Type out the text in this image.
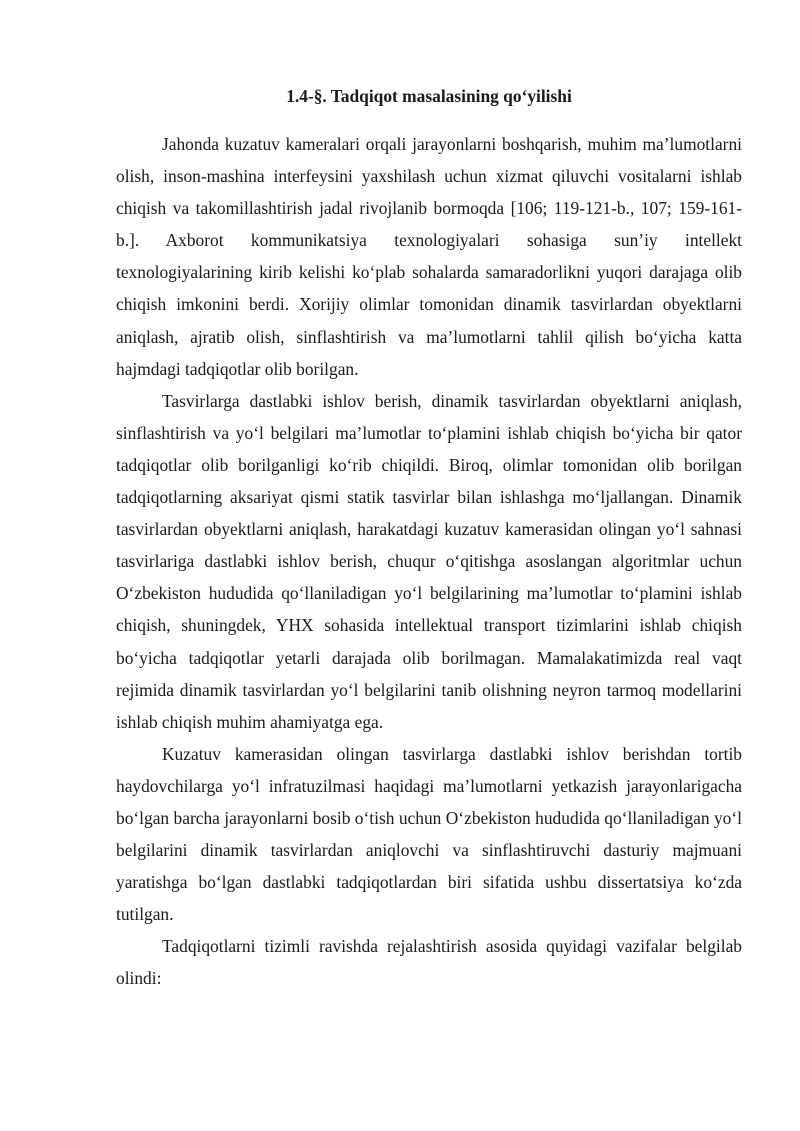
1.4-§. Tadqiqot masalasining qo‘yilishi

Jahonda kuzatuv kameralari orqali jarayonlarni boshqarish, muhim ma’lumotlarni olish, inson-mashina interfeysini yaxshilash uchun xizmat qiluvchi vositalarni ishlab chiqish va takomillashtirish jadal rivojlanib bormoqda [106; 119-121-b., 107; 159-161-b.]. Axborot kommunikatsiya texnologiyalari sohasiga sun’iy intellekt texnologiyalarining kirib kelishi ko‘plab sohalarda samaradorlikni yuqori darajaga olib chiqish imkonini berdi. Xorijiy olimlar tomonidan dinamik tasvirlardan obyektlarni aniqlash, ajratib olish, sinflashtirish va ma’lumotlarni tahlil qilish bo‘yicha katta hajmdagi tadqiqotlar olib borilgan.

Tasvirlarga dastlabki ishlov berish, dinamik tasvirlardan obyektlarni aniqlash, sinflashtirish va yo‘l belgilari ma’lumotlar to‘plamini ishlab chiqish bo‘yicha bir qator tadqiqotlar olib borilganligi ko‘rib chiqildi. Biroq, olimlar tomonidan olib borilgan tadqiqotlarning aksariyat qismi statik tasvirlar bilan ishlashga mo‘ljallangan. Dinamik tasvirlardan obyektlarni aniqlash, harakatdagi kuzatuv kamerasidan olingan yo‘l sahnasi tasvirlariga dastlabki ishlov berish, chuqur o‘qitishga asoslangan algoritmlar uchun O‘zbekiston hududida qo‘llaniladigan yo‘l belgilarining ma’lumotlar to‘plamini ishlab chiqish, shuningdek, YHX sohasida intellektual transport tizimlarini ishlab chiqish bo‘yicha tadqiqotlar yetarli darajada olib borilmagan. Mamalakatimizda real vaqt rejimida dinamik tasvirlardan yo‘l belgilarini tanib olishning neyron tarmoq modellarini ishlab chiqish muhim ahamiyatga ega.

Kuzatuv kamerasidan olingan tasvirlarga dastlabki ishlov berishdan tortib haydovchilarga yo‘l infratuzilmasi haqidagi ma’lumotlarni yetkazish jarayonlarigacha bo‘lgan barcha jarayonlarni bosib o‘tish uchun O‘zbekiston hududida qo‘llaniladigan yo‘l belgilarini dinamik tasvirlardan aniqlovchi va sinflashtiruvchi dasturiy majmuani yaratishga bo‘lgan dastlabki tadqiqotlardan biri sifatida ushbu dissertatsiya ko‘zda tutilgan.

Tadqiqotlarni tizimli ravishda rejalashtirish asosida quyidagi vazifalar belgilab olindi:
